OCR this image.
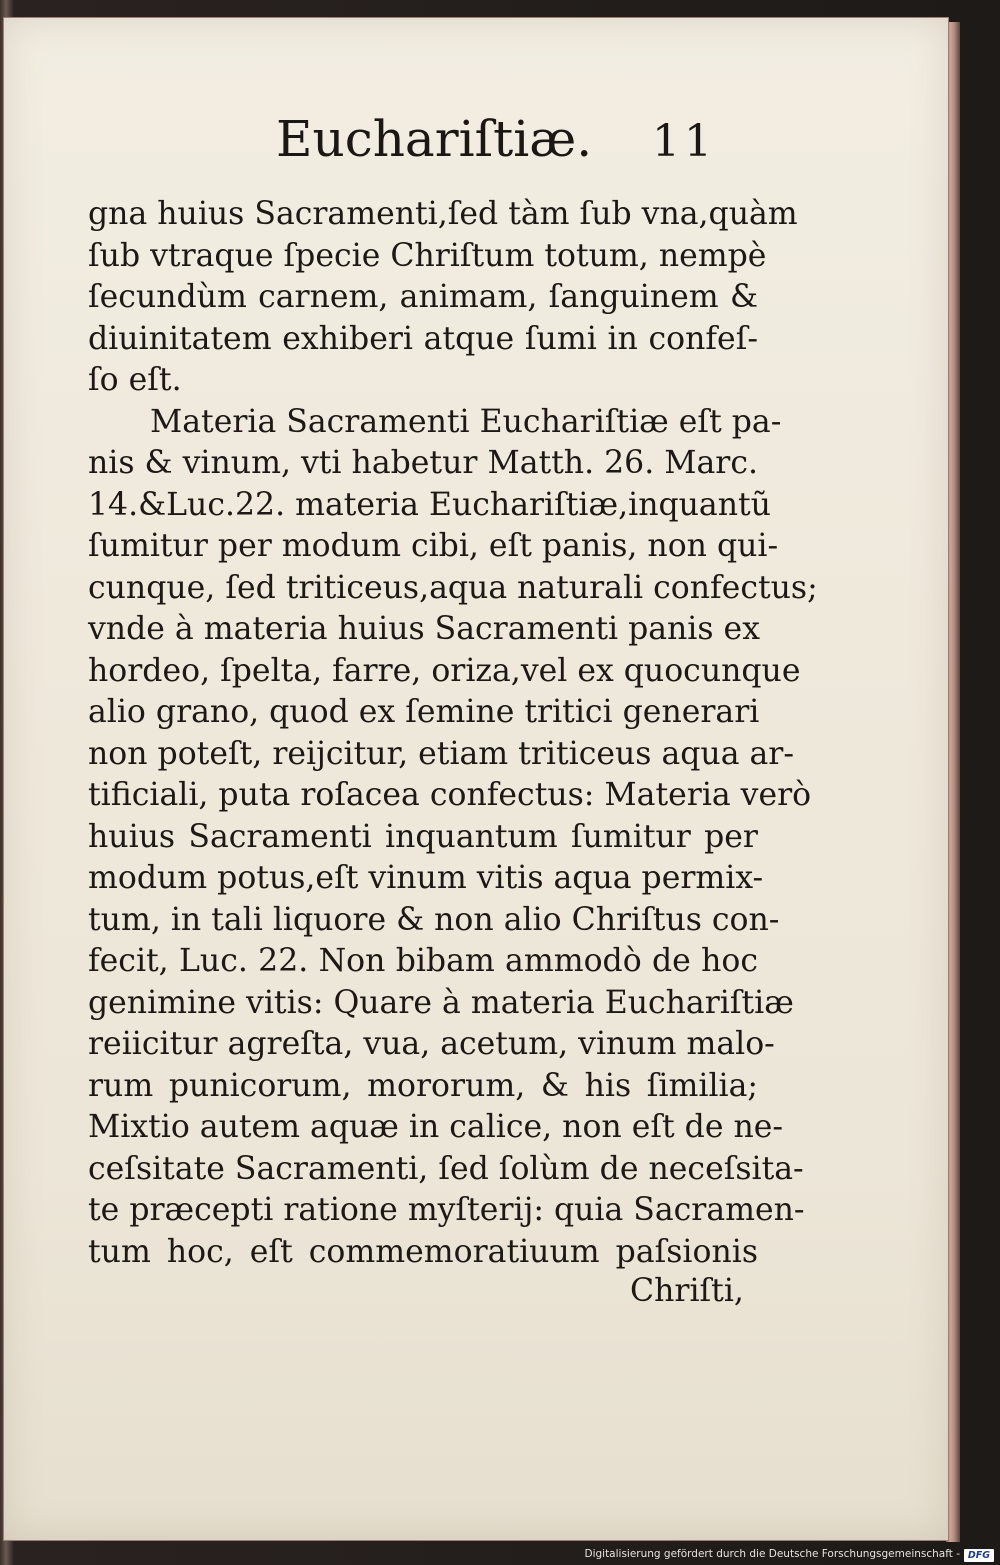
Euchariſtiæ. 11
gna huius Sacramenti,ſed tàm ſub vna,quàm
ſub vtraque ſpecie Chriſtum totum, nempè
ſecundùm carnem, animam, ſanguinem &
diuinitatem exhiberi atque ſumi in confeſ-
ſo eſt.
Materia Sacramenti Euchariſtiæ eſt pa-
nis & vinum, vti habetur Matth. 26. Marc.
14.&Luc.22. materia Euchariſtiæ,inquantũ
ſumitur per modum cibi, eſt panis, non qui-
cunque, ſed triticeus,aqua naturali confectus;
vnde à materia huius Sacramenti panis ex
hordeo, ſpelta, farre, oriza,vel ex quocunque
alio grano, quod ex ſemine tritici generari
non poteſt, reijcitur, etiam triticeus aqua ar-
tificiali, puta roſacea confectus: Materia verò
huius Sacramenti inquantum ſumitur per
modum potus,eſt vinum vitis aqua permix-
tum, in tali liquore & non alio Chriſtus con-
fecit, Luc. 22. Non bibam ammodò de hoc
genimine vitis: Quare à materia Euchariſtiæ
reiicitur agreſta, vua, acetum, vinum malo-
rum punicorum, mororum, & his ſimilia;
Mixtio autem aquæ in calice, non eſt de ne-
ceſsitate Sacramenti, ſed ſolùm de neceſsita-
te præcepti ratione myſterij: quia Sacramen-
tum hoc, eſt commemoratiuum paſsionis
Chriſti,
Digitalisierung gefördert durch die Deutsche Forschungsgemeinschaft - DFG
